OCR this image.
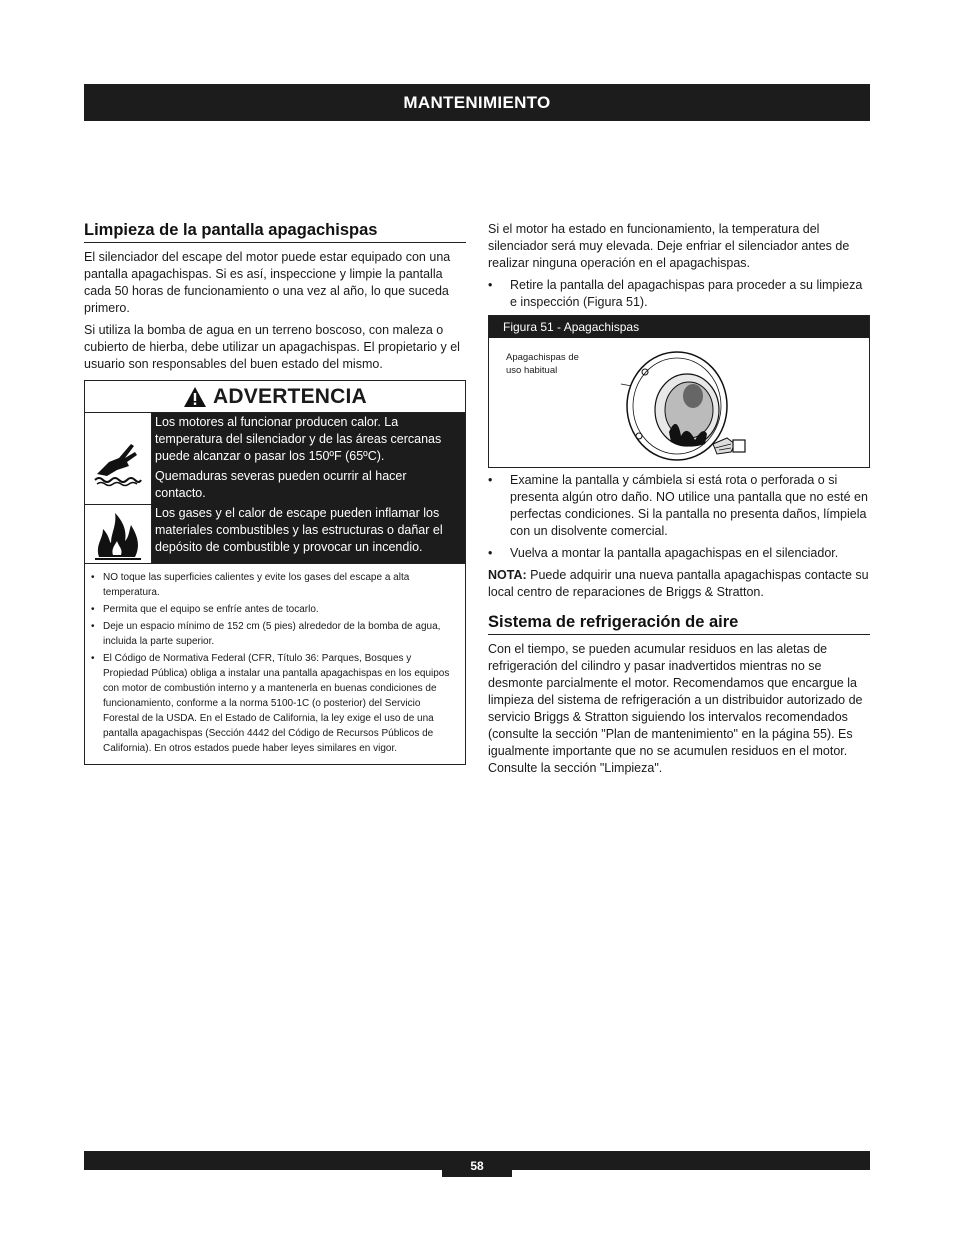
MANTENIMIENTO
Limpieza de la pantalla apagachispas

El silenciador del escape del motor puede estar equipado con una pantalla apagachispas. Si es así, inspeccione y limpie la pantalla cada 50 horas de funcionamiento o una vez al año, lo que suceda primero.

Si utiliza la bomba de agua en un terreno boscoso, con maleza o cubierto de hierba, debe utilizar un apagachispas. El propietario y el usuario son responsables del buen estado del mismo.

ADVERTENCIA

Los motores al funcionar producen calor. La temperatura del silenciador y de las áreas cercanas puede alcanzar o pasar los 150ºF (65ºC).

Quemaduras severas pueden ocurrir al hacer contacto.

Los gases y el calor de escape pueden inflamar los materiales combustibles y las estructuras o dañar el depósito de combustible y provocar un incendio.

• NO toque las superficies calientes y evite los gases del escape a alta temperatura.
• Permita que el equipo se enfríe antes de tocarlo.
• Deje un espacio mínimo de 152 cm (5 pies) alrededor de la bomba de agua, incluida la parte superior.
• El Código de Normativa Federal (CFR, Título 36: Parques, Bosques y Propiedad Pública) obliga a instalar una pantalla apagachispas en los equipos con motor de combustión interno y a mantenerla en buenas condiciones de funcionamiento, conforme a la norma 5100-1C (o posterior) del Servicio Forestal de la USDA. En el Estado de California, la ley exige el uso de una pantalla apagachispas (Sección 4442 del Código de Recursos Públicos de California). En otros estados puede haber leyes similares en vigor.

Si el motor ha estado en funcionamiento, la temperatura del silenciador será muy elevada. Deje enfriar el silenciador antes de realizar ninguna operación en el apagachispas.

• Retire la pantalla del apagachispas para proceder a su limpieza e inspección (Figura 51).
Figura 51 - Apagachispas
Apagachispas de uso habitual
• Examine la pantalla y cámbiela si está rota o perforada o si presenta algún otro daño. NO utilice una pantalla que no esté en perfectas condiciones. Si la pantalla no presenta daños, límpiela con un disolvente comercial.
• Vuelva a montar la pantalla apagachispas en el silenciador.

NOTA: Puede adquirir una nueva pantalla apagachispas contacte su local centro de reparaciones de Briggs & Stratton.

Sistema de refrigeración de aire

Con el tiempo, se pueden acumular residuos en las aletas de refrigeración del cilindro y pasar inadvertidos mientras no se desmonte parcialmente el motor. Recomendamos que encargue la limpieza del sistema de refrigeración a un distribuidor autorizado de servicio Briggs & Stratton siguiendo los intervalos recomendados (consulte la sección "Plan de mantenimiento" en la página 55). Es igualmente importante que no se acumulen residuos en el motor. Consulte la sección "Limpieza".

58
